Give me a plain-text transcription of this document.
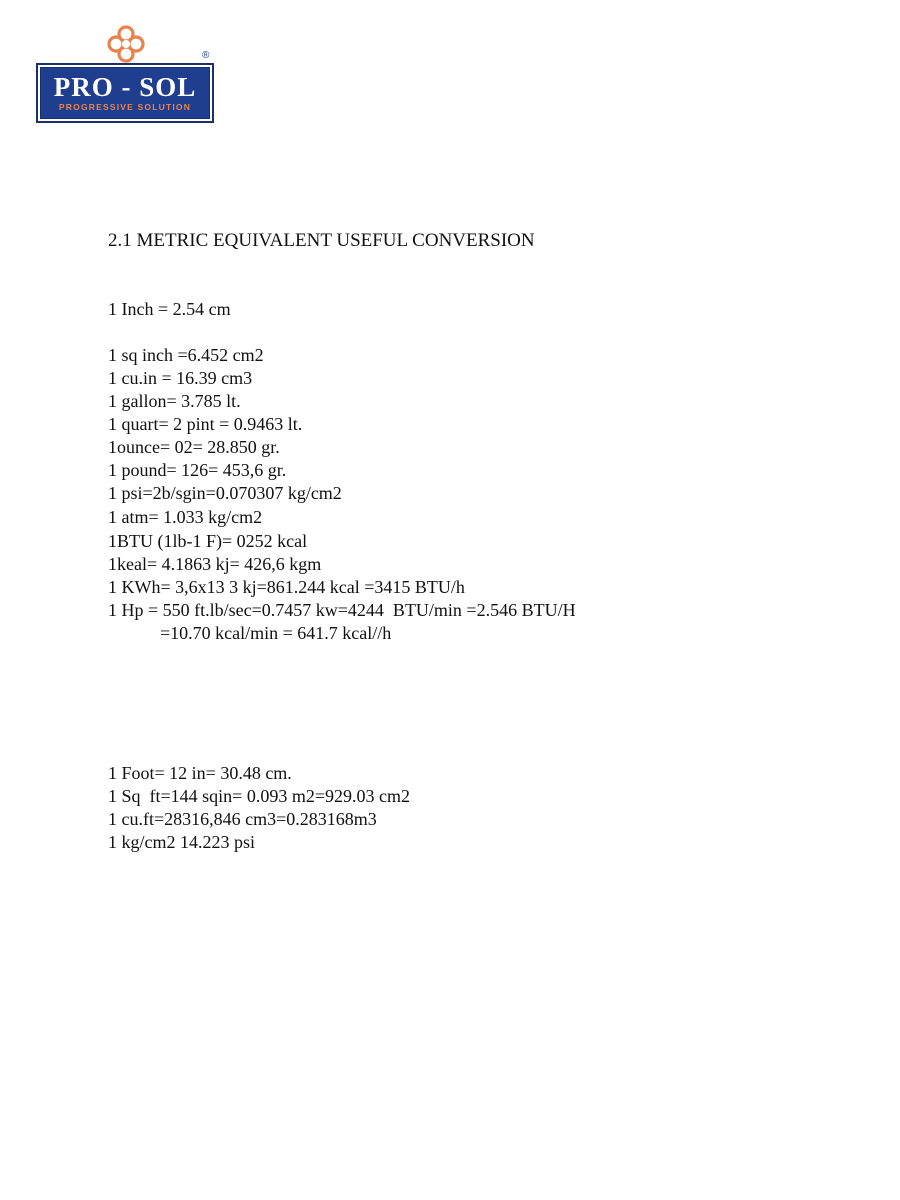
®
PRO - SOL
PROGRESSIVE SOLUTION
2.1 METRIC EQUIVALENT USEFUL CONVERSION
1 Inch = 2.54 cm
1 sq inch =6.452 cm2
1 cu.in = 16.39 cm3
1 gallon= 3.785 lt.
1 quart= 2 pint = 0.9463 lt.
1ounce= 02= 28.850 gr.
1 pound= 126= 453,6 gr.
1 psi=2b/sgin=0.070307 kg/cm2
1 atm= 1.033 kg/cm2
1BTU (1lb-1 F)= 0252 kcal
1keal= 4.1863 kj= 426,6 kgm
1 KWh= 3,6x13 3 kj=861.244 kcal =3415 BTU/h
1 Hp = 550 ft.lb/sec=0.7457 kw=4244  BTU/min =2.546 BTU/H
=10.70 kcal/min = 641.7 kcal//h
1 Foot= 12 in= 30.48 cm.
1 Sq  ft=144 sqin= 0.093 m2=929.03 cm2
1 cu.ft=28316,846 cm3=0.283168m3
1 kg/cm2 14.223 psi
